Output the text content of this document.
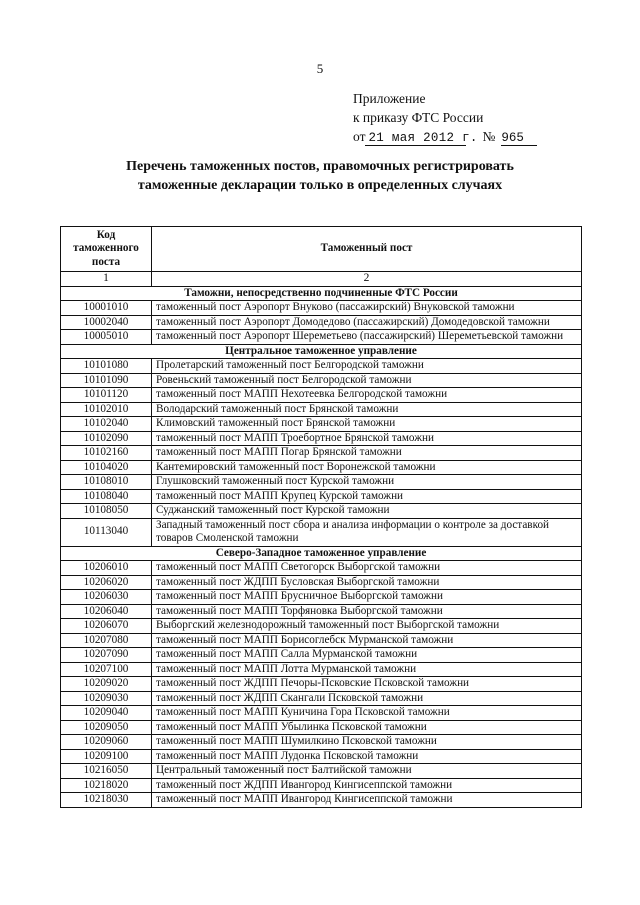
5
Приложение
к приказу ФТС России
от 21 мая 2012 г. № 965
Перечень таможенных постов, правомочных регистрировать
таможенные декларации только в определенных случаях
Код
таможенного
поста	Таможенный пост
1	2
Таможни, непосредственно подчиненные ФТС России	
10001010	таможенный пост Аэропорт Внуково (пассажирский) Внуковской таможни
10002040	таможенный пост Аэропорт Домодедово (пассажирский) Домодедовской таможни
10005010	таможенный пост Аэропорт Шереметьево (пассажирский) Шереметьевской таможни
Центральное таможенное управление	
10101080	Пролетарский таможенный пост Белгородской таможни
10101090	Ровеньский таможенный пост Белгородской таможни
10101120	таможенный пост МАПП Нехотеевка Белгородской таможни
10102010	Володарский таможенный пост Брянской таможни
10102040	Климовский таможенный пост Брянской таможни
10102090	таможенный пост МАПП Троебортное Брянской таможни
10102160	таможенный пост МАПП Погар Брянской таможни
10104020	Кантемировский таможенный пост Воронежской таможни
10108010	Глушковский таможенный пост Курской таможни
10108040	таможенный пост МАПП Крупец Курской таможни
10108050	Суджанский таможенный пост Курской таможни
10113040	Западный таможенный пост сбора и анализа информации о контроле за доставкой товаров Смоленской таможни
Северо-Западное таможенное управление	
10206010	таможенный пост МАПП Светогорск Выборгской таможни
10206020	таможенный пост ЖДПП Бусловская Выборгской таможни
10206030	таможенный пост МАПП Брусничное Выборгской таможни
10206040	таможенный пост МАПП Торфяновка Выборгской таможни
10206070	Выборгский железнодорожный таможенный пост Выборгской таможни
10207080	таможенный пост МАПП Борисоглебск Мурманской таможни
10207090	таможенный пост МАПП Салла Мурманской таможни
10207100	таможенный пост МАПП Лотта Мурманской таможни
10209020	таможенный пост ЖДПП Печоры-Псковские Псковской таможни
10209030	таможенный пост ЖДПП Скангали Псковской таможни
10209040	таможенный пост МАПП Куничина Гора Псковской таможни
10209050	таможенный пост МАПП Убылинка Псковской таможни
10209060	таможенный пост МАПП Шумилкино Псковской таможни
10209100	таможенный пост МАПП Лудонка Псковской таможни
10216050	Центральный таможенный пост Балтийской таможни
10218020	таможенный пост ЖДПП Ивангород Кингисеппской таможни
10218030	таможенный пост МАПП Ивангород Кингисеппской таможни
